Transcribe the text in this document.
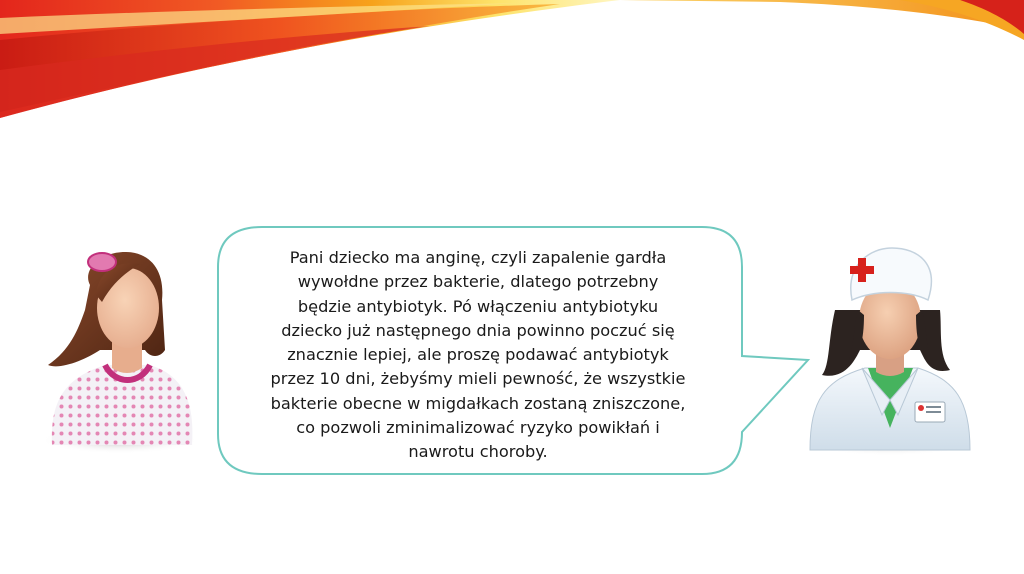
Pani dziecko ma anginę, czyli zapalenie gardła
wywołdne przez bakterie, dlatego potrzebny
będzie antybiotyk. Pó włączeniu antybiotyku
dziecko już następnego dnia powinno poczuć się
znacznie lepiej, ale proszę podawać antybiotyk
przez 10 dni, żebyśmy mieli pewność, że wszystkie
bakterie obecne w migdałkach zostaną zniszczone,
co pozwoli zminimalizować ryzyko powikłań i
nawrotu choroby.
